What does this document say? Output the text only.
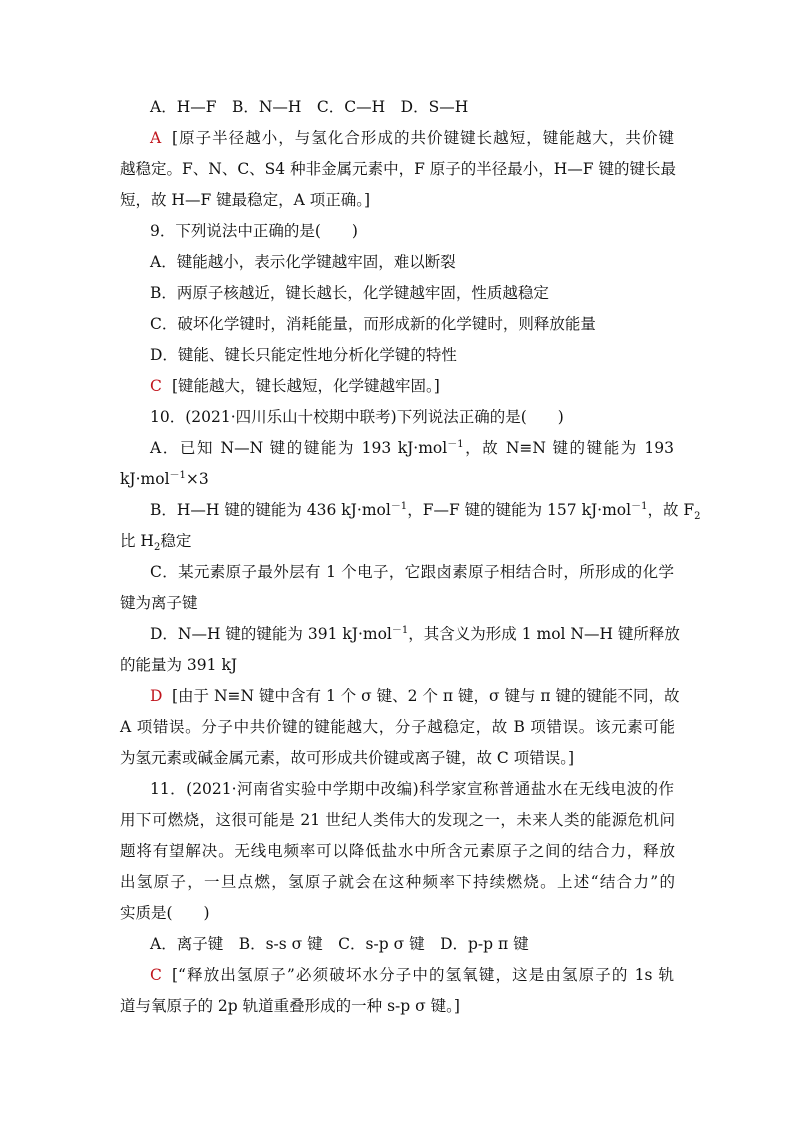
A．H—F　B．N—H　C．C—H　D．S—H
A [原子半径越小，与氢化合形成的共价键键长越短，键能越大，共价键
越稳定。F、N、C、S4 种非金属元素中，F 原子的半径最小，H—F 键的键长最
短，故 H—F 键最稳定，A 项正确。]
9．下列说法中正确的是(　　)
A．键能越小，表示化学键越牢固，难以断裂
B．两原子核越近，键长越长，化学键越牢固，性质越稳定
C．破坏化学键时，消耗能量，而形成新的化学键时，则释放能量
D．键能、键长只能定性地分析化学键的特性
C [键能越大，键长越短，化学键越牢固。]
10．(2021·四川乐山十校期中联考)下列说法正确的是(　　)
A．已知 N—N 键的键能为 193 kJ·mol$^{-1}$，故 N≡N 键的键能为 193
kJ·mol$^{-1}$×3
B．H—H 键的键能为 436 kJ·mol$^{-1}$，F—F 键的键能为 157 kJ·mol$^{-1}$，故 $F_2$
比 $H_2$稳定
C．某元素原子最外层有 1 个电子，它跟卤素原子相结合时，所形成的化学
键为离子键
D．N—H 键的键能为 391 kJ·mol$^{-1}$，其含义为形成 1 mol N—H 键所释放
的能量为 391 kJ
D [由于 N≡N 键中含有 1 个 σ 键、2 个 π 键，σ 键与 π 键的键能不同，故
A 项错误。分子中共价键的键能越大，分子越稳定，故 B 项错误。该元素可能
为氢元素或碱金属元素，故可形成共价键或离子键，故 C 项错误。]
11．(2021·河南省实验中学期中改编)科学家宣称普通盐水在无线电波的作
用下可燃烧，这很可能是 21 世纪人类伟大的发现之一，未来人类的能源危机问
题将有望解决。无线电频率可以降低盐水中所含元素原子之间的结合力，释放
出氢原子，一旦点燃，氢原子就会在这种频率下持续燃烧。上述“结合力”的
实质是(　　)
A．离子键　B．s-s σ 键　C．s-p σ 键　D．p-p π 键
C [“释放出氢原子”必须破坏水分子中的氢氧键，这是由氢原子的 1s 轨
道与氧原子的 2p 轨道重叠形成的一种 s-p σ 键。]
